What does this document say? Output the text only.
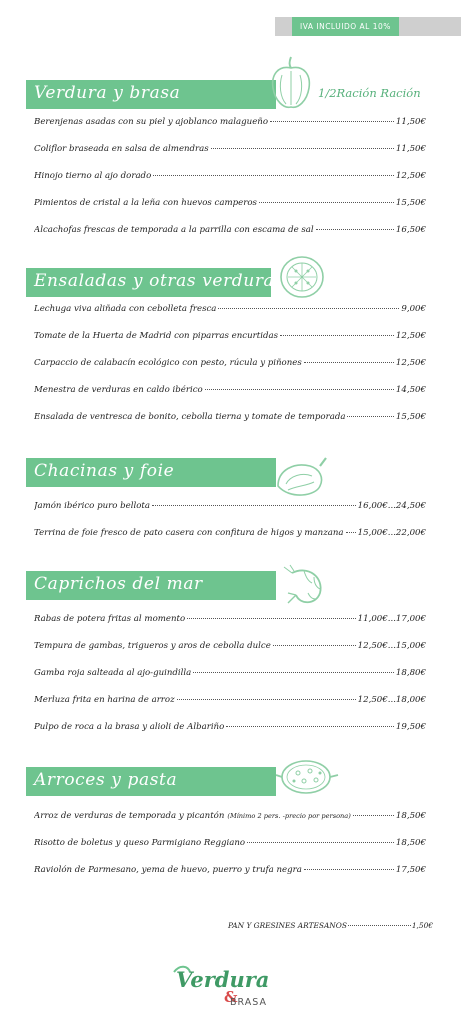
IVA INCLUIDO AL 10%
Verdura y brasa	1/2Ración Ración
Berenjenas asadas con su piel y ajoblanco malagueño	11,50€
Coliflor braseada en salsa de almendras	11,50€
Hinojo tierno al ajo dorado	12,50€
Pimientos de cristal a la leña con huevos camperos	15,50€
Alcachofas frescas de temporada a la parrilla con escama de sal	16,50€
Ensaladas y otras verduras
Lechuga viva aliñada con cebolleta fresca	9,00€
Tomate de la Huerta de Madrid con piparras encurtidas	12,50€
Carpaccio de calabacín ecológico con pesto, rúcula y piñones	12,50€
Menestra de verduras en caldo ibérico	14,50€
Ensalada de ventresca de bonito, cebolla tierna y tomate de temporada	15,50€
Chacinas y foie
Jamón ibérico puro bellota	16,00€...24,50€
Terrina de foie fresco de pato casera con confitura de higos y manzana 15,00€...22,00€
Caprichos del mar
Rabas de potera fritas al momento	11,00€...17,00€
Tempura de gambas, trigueros y aros de cebolla dulce	12,50€...15,00€
Gamba roja salteada al ajo-guindilla	18,80€
Merluza frita en harina de arroz	12,50€...18,00€
Pulpo de roca a la brasa y alioli de Albariño	19,50€
Arroces y pasta
Arroz de verduras de temporada y picantón (Mínimo 2 pers. -precio por persona)	18,50€
Risotto de boletus y queso Parmigiano Reggiano	18,50€
Raviolón de Parmesano, yema de huevo, puerro y trufa negra	17,50€
PAN Y GRESINES ARTESANOS	1,50€
Verdura
&
BRASA
